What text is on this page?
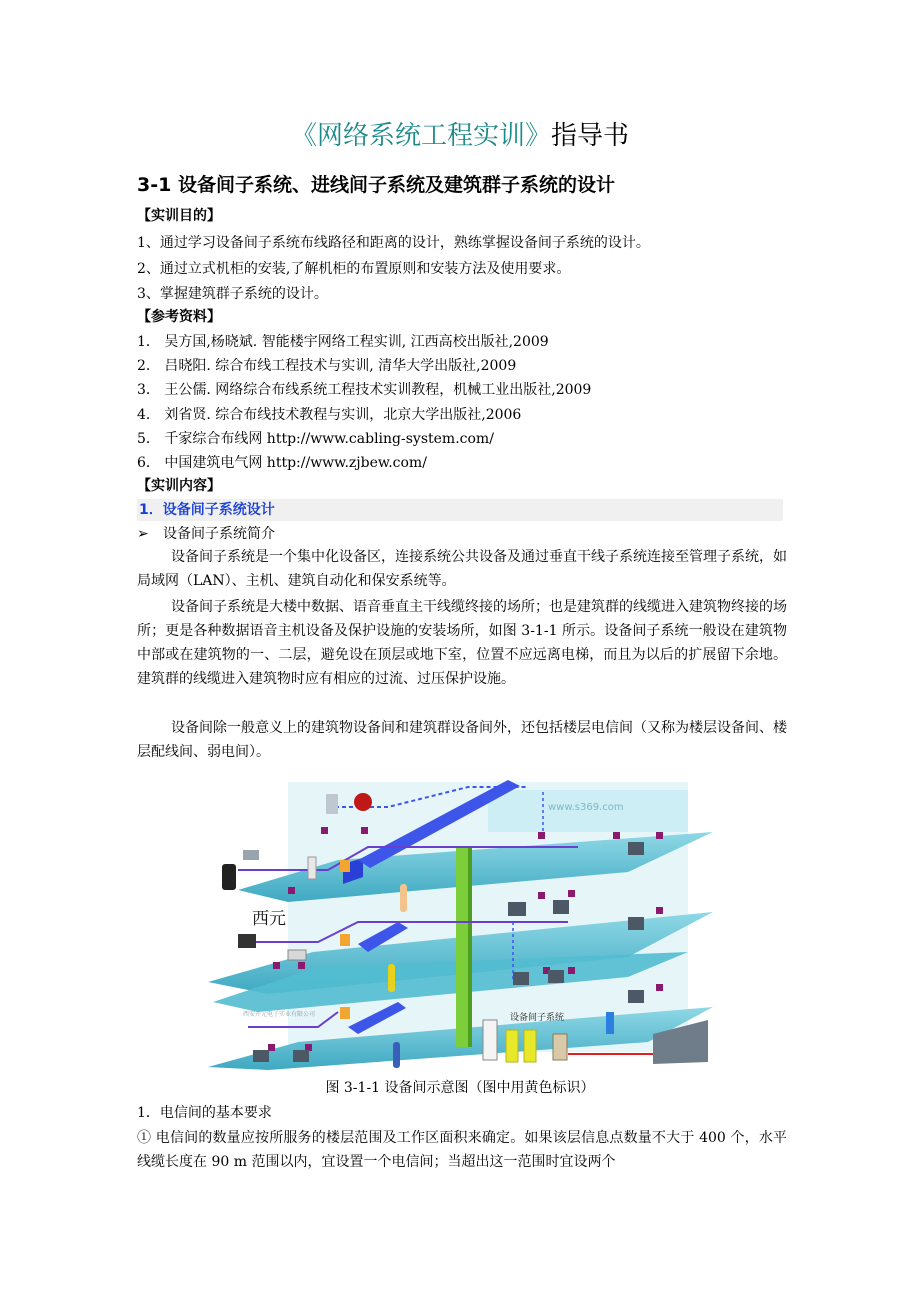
《网络系统工程实训》指导书
3-1 设备间子系统、进线间子系统及建筑群子系统的设计
【实训目的】
1、通过学习设备间子系统布线路径和距离的设计，熟练掌握设备间子系统的设计。
2、通过立式机柜的安装,了解机柜的布置原则和安装方法及使用要求。
3、掌握建筑群子系统的设计。
【参考资料】
1． 吴方国,杨晓斌. 智能楼宇网络工程实训, 江西高校出版社,2009
2． 吕晓阳. 综合布线工程技术与实训, 清华大学出版社,2009
3． 王公儒. 网络综合布线系统工程技术实训教程，机械工业出版社,2009
4． 刘省贤. 综合布线技术教程与实训，北京大学出版社,2006
5． 千家综合布线网 http://www.cabling-system.com/
6． 中国建筑电气网 http://www.zjbew.com/
【实训内容】
1．设备间子系统设计
➢ 设备间子系统简介
设备间子系统是一个集中化设备区，连接系统公共设备及通过垂直干线子系统连接至管理子系统，如局域网（LAN）、主机、建筑自动化和保安系统等。
设备间子系统是大楼中数据、语音垂直主干线缆终接的场所；也是建筑群的线缆进入建筑物终接的场所；更是各种数据语音主机设备及保护设施的安装场所，如图 3-1-1 所示。设备间子系统一般设在建筑物中部或在建筑物的一、二层，避免设在顶层或地下室，位置不应远离电梯，而且为以后的扩展留下余地。建筑群的线缆进入建筑物时应有相应的过流、过压保护设施。
设备间除一般意义上的建筑物设备间和建筑群设备间外，还包括楼层电信间（又称为楼层设备间、楼层配线间、弱电间）。
www.s369.com
设备间子系统
西安开元电子实业有限公司
西元
图 3-1-1 设备间示意图（图中用黄色标识）
1．电信间的基本要求
① 电信间的数量应按所服务的楼层范围及工作区面积来确定。如果该层信息点数量不大于 400 个，水平线缆长度在 90 m 范围以内，宜设置一个电信间；当超出这一范围时宜设两个
